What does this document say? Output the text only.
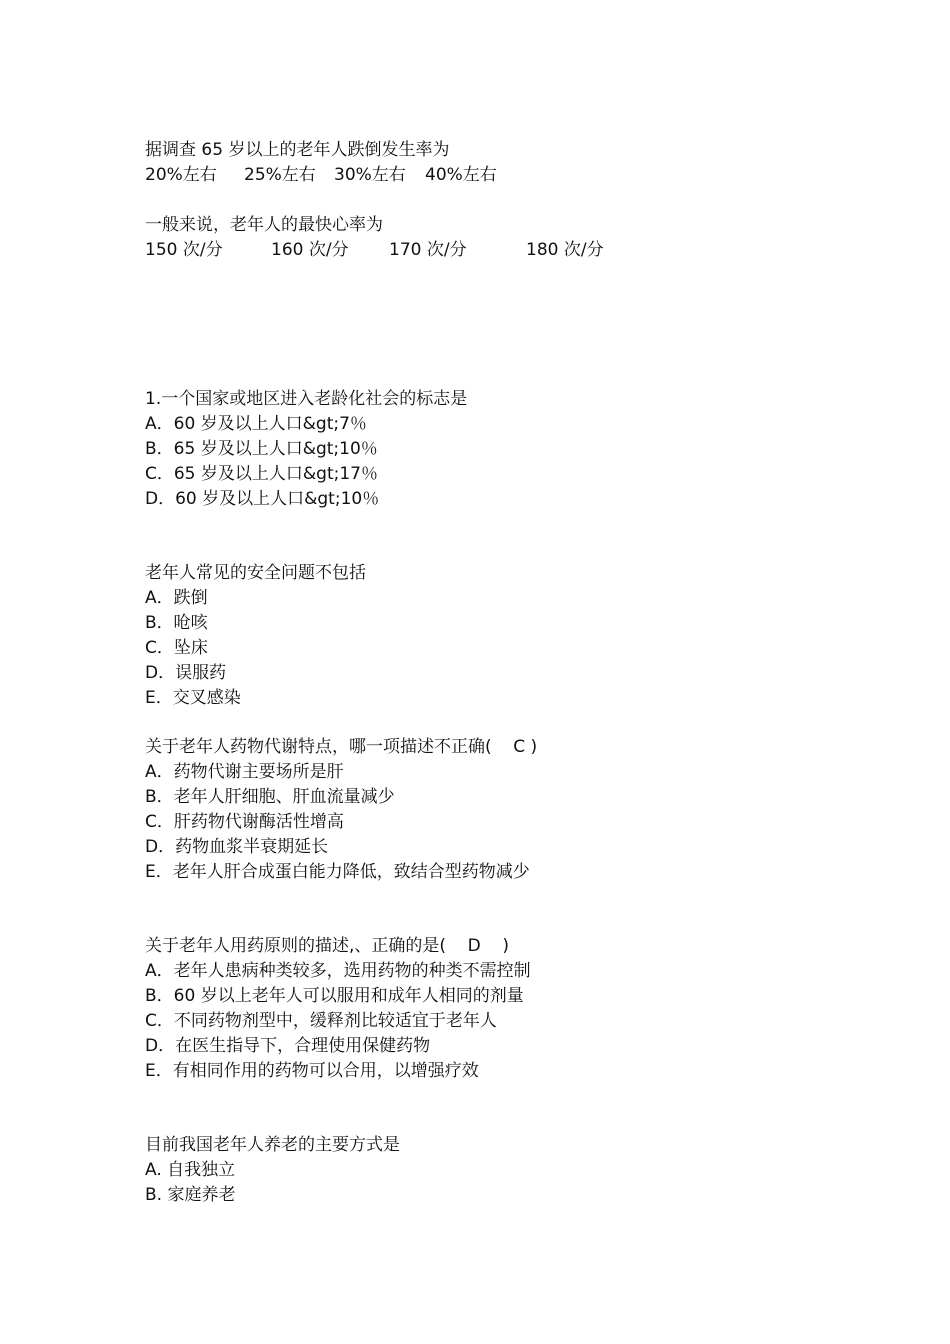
据调查 65 岁以上的老年人跌倒发生率为
20%左右 25%左右 30%左右 40%左右
一般来说，老年人的最快心率为
150 次/分	160 次/分 170 次/分	180 次/分
1.一个国家或地区进入老龄化社会的标志是
A．60 岁及以上人口&gt;7％
B．65 岁及以上人口&gt;10％
C．65 岁及以上人口&gt;17％
D．60 岁及以上人口&gt;10％
老年人常见的安全问题不包括
A．跌倒
B．呛咳
C．坠床
D．误服药
E．交叉感染
关于老年人药物代谢特点，哪一项描述不正确(    C )
A．药物代谢主要场所是肝
B．老年人肝细胞、肝血流量减少
C．肝药物代谢酶活性增高
D．药物血浆半衰期延长
E．老年人肝合成蛋白能力降低，致结合型药物减少
关于老年人用药原则的描述,、正确的是(    D    )
A．老年人患病种类较多，选用药物的种类不需控制
B．60 岁以上老年人可以服用和成年人相同的剂量
C．不同药物剂型中，缓释剂比较适宜于老年人
D．在医生指导下，合理使用保健药物
E．有相同作用的药物可以合用，以增强疗效
目前我国老年人养老的主要方式是
A. 自我独立
B. 家庭养老
